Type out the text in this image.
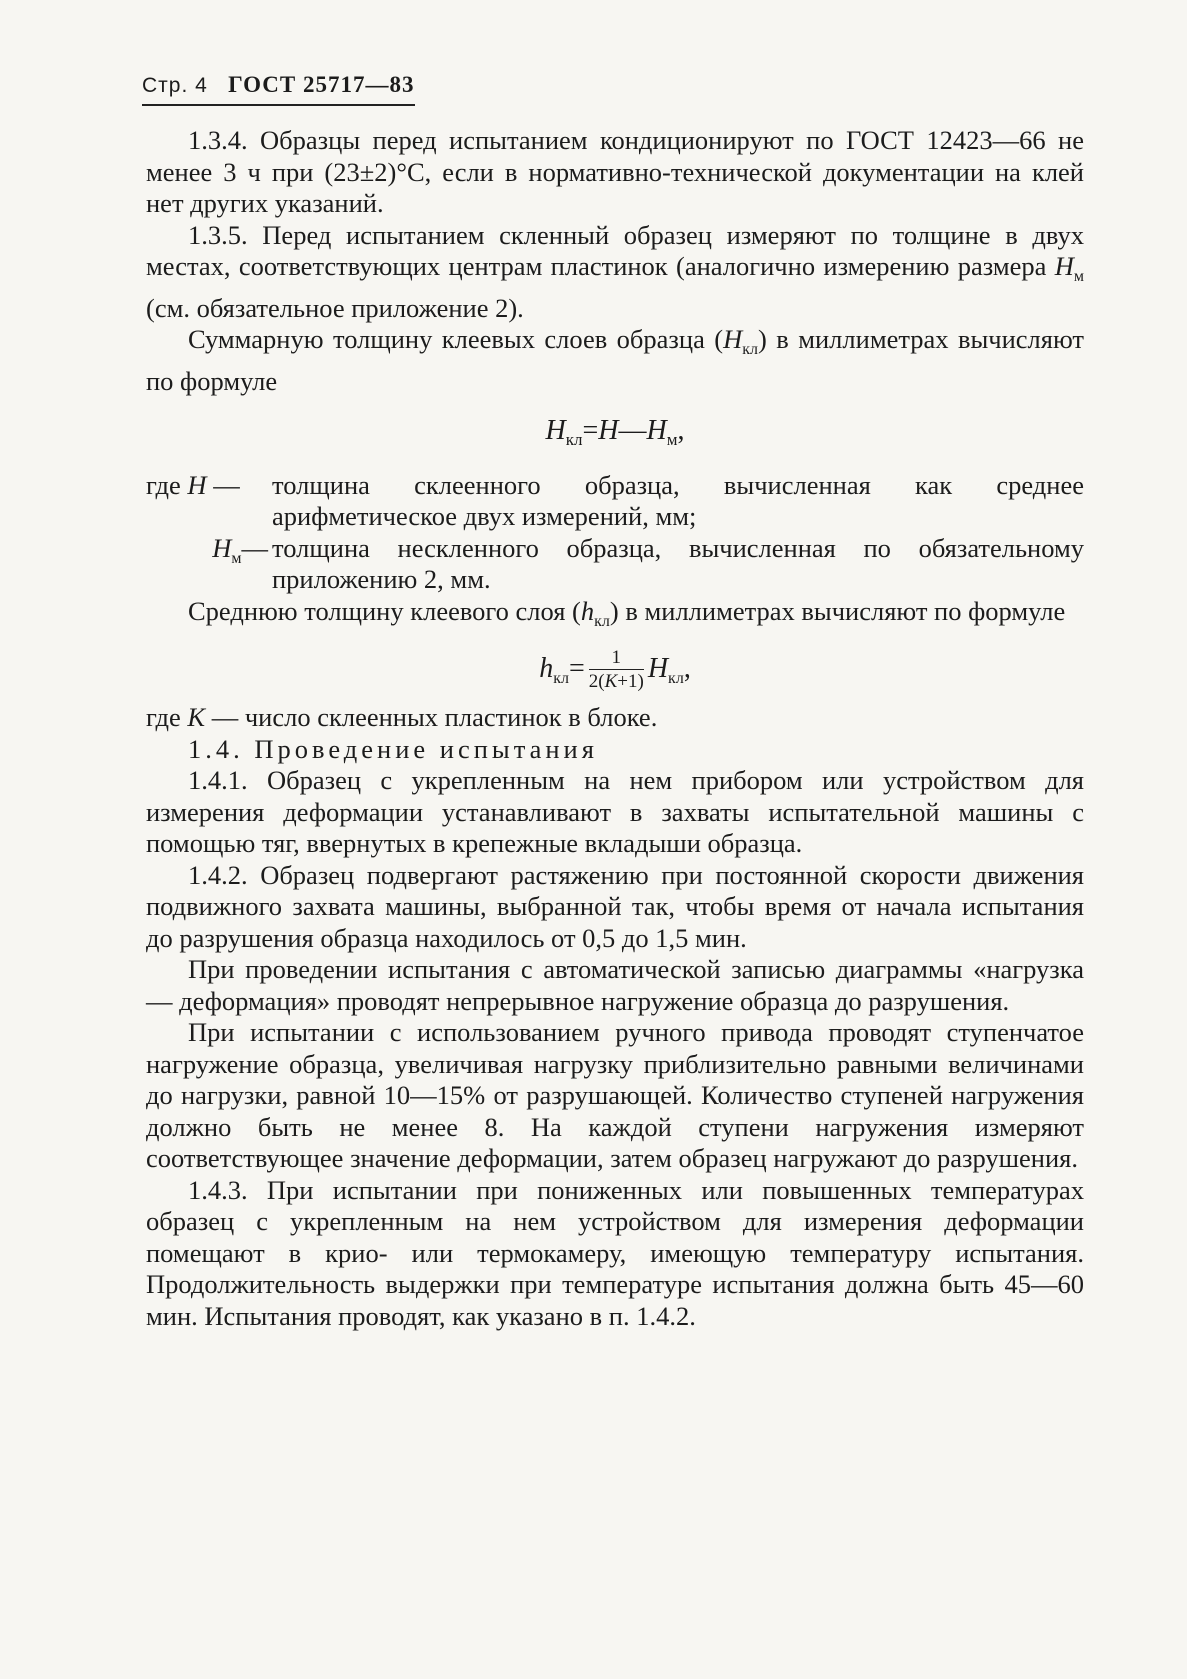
Стр. 4 ГОСТ 25717—83

1.3.4. Образцы перед испытанием кондиционируют по ГОСТ 12423—66 не менее 3 ч при (23±2)°С, если в нормативно-технической документации на клей нет других указаний.

1.3.5. Перед испытанием скленный образец измеряют по толщине в двух местах, соответствующих центрам пластинок (аналогично измерению размера $H_м$ (см. обязательное приложение 2).

Суммарную толщину клеевых слоев образца $(H_{кл})$ в миллиметрах вычисляют по формуле

$H_{кл}=H—H_м$,
где H —	толщина склеенного образца, вычисленная как среднее арифметическое двух измерений, мм;
$H_м—$ толщина нескленного образца, вычисленная по обязательному приложению 2, мм.

Среднюю толщину клеевого слоя $(h_{кл})$ в миллиметрах вычисляют по формуле

$h_{кл}= \frac{1}{2(K+1)} H_{кл}$,

где K — число склеенных пластинок в блоке.

1.4. Проведение испытания

1.4.1. Образец с укрепленным на нем прибором или устройством для измерения деформации устанавливают в захваты испытательной машины с помощью тяг, ввернутых в крепежные вкладыши образца.

1.4.2. Образец подвергают растяжению при постоянной скорости движения подвижного захвата машины, выбранной так, чтобы время от начала испытания до разрушения образца находилось от 0,5 до 1,5 мин.

При проведении испытания с автоматической записью диаграммы «нагрузка — деформация» проводят непрерывное нагружение образца до разрушения.

При испытании с использованием ручного привода проводят ступенчатое нагружение образца, увеличивая нагрузку приблизительно равными величинами до нагрузки, равной 10—15% от разрушающей. Количество ступеней нагружения должно быть не менее 8. На каждой ступени нагружения измеряют соответствующее значение деформации, затем образец нагружают до разрушения.

1.4.3. При испытании при пониженных или повышенных температурах образец с укрепленным на нем устройством для измерения деформации помещают в крио- или термокамеру, имеющую температуру испытания. Продолжительность выдержки при температуре испытания должна быть 45—60 мин. Испытания проводят, как указано в п. 1.4.2.
